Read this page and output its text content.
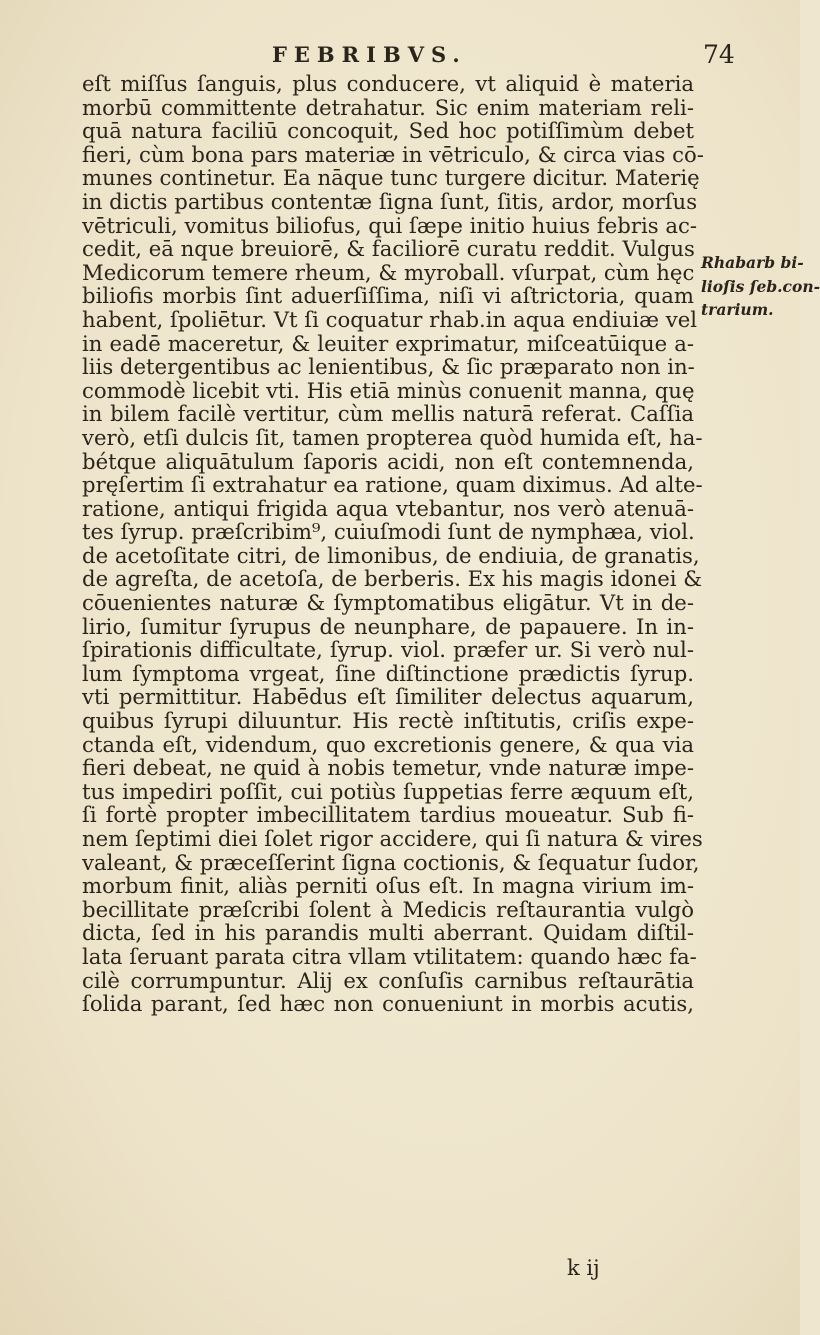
FEBRIBVS.	74
eſt miſſus ſanguis, plus conducere, vt aliquid è materia
morbū committente detrahatur. Sic enim materiam reli-
quā natura faciliū concoquit, Sed hoc potiſſimùm debet
fieri, cùm bona pars materiæ in vētriculo, & circa vias cō-
munes continetur. Ea nāque tunc turgere dicitur. Materię
in dictis partibus contentæ ſigna ſunt, ſitis, ardor, morſus
vētriculi, vomitus biliofus, qui ſæpe initio huius febris ac-
cedit, eā nque breuiorē, & faciliorē curatu reddit. Vulgus
Medicorum temere rheum, & myroball. vſurpat, cùm hęc
biliofis morbis ſint aduerſiſſima, niſi vi aſtrictoria, quam
habent, ſpoliētur. Vt ſi coquatur rhab.in aqua endiuiæ vel
in eadē maceretur, & leuiter exprimatur, miſceatūique a-
liis detergentibus ac lenientibus, & ſic præparato non in-
commodè licebit vti. His etiā minùs conuenit manna, quę
in bilem facilè vertitur, cùm mellis naturā referat. Caſſia
verò, etſi dulcis ſit, tamen propterea quòd humida eſt, ha-
bétque aliquātulum ſaporis acidi, non eſt contemnenda,
pręſertim ſi extrahatur ea ratione, quam diximus. Ad alte-
ratione, antiqui frigida aqua vtebantur, nos verò atenuā-
tes ſyrup. præſcribim⁹, cuiuſmodi ſunt de nymphæa, viol.
de acetoſitate citri, de limonibus, de endiuia, de granatis,
de agreſta, de acetoſa, de berberis. Ex his magis idonei &
cōuenientes naturæ & ſymptomatibus eligātur. Vt in de-
lirio, ſumitur ſyrupus de neunphare, de papauere. In in-
ſpirationis difficultate, ſyrup. viol. præfer ur. Si verò nul-
lum ſymptoma vrgeat, ſine diſtinctione prædictis ſyrup.
vti permittitur. Habēdus eſt ſimiliter delectus aquarum,
quibus ſyrupi diluuntur. His rectè inſtitutis, criſis expe-
ctanda eſt, videndum, quo excretionis genere, & qua via
fieri debeat, ne quid à nobis temetur, vnde naturæ impe-
tus impediri poſſit, cui potiùs ſuppetias ferre æquum eſt,
ſi fortè propter imbecillitatem tardius moueatur. Sub fi-
nem ſeptimi diei ſolet rigor accidere, qui ſi natura & vires
valeant, & præceſſerint ſigna coctionis, & ſequatur ſudor,
morbum finit, aliàs perniti oſus eſt. In magna virium im-
becillitate præſcribi ſolent à Medicis reſtaurantia vulgò
dicta, ſed in his parandis multi aberrant. Quidam diſtil-
lata ſeruant parata citra vllam vtilitatem: quando hæc fa-
cilè corrumpuntur. Alij ex conſuſis carnibus reſtaurātia
ſolida parant, ſed hæc non conueniunt in morbis acutis,
Rhabarb bi-
lioſis ſeb.con-
trarium.
k ij
